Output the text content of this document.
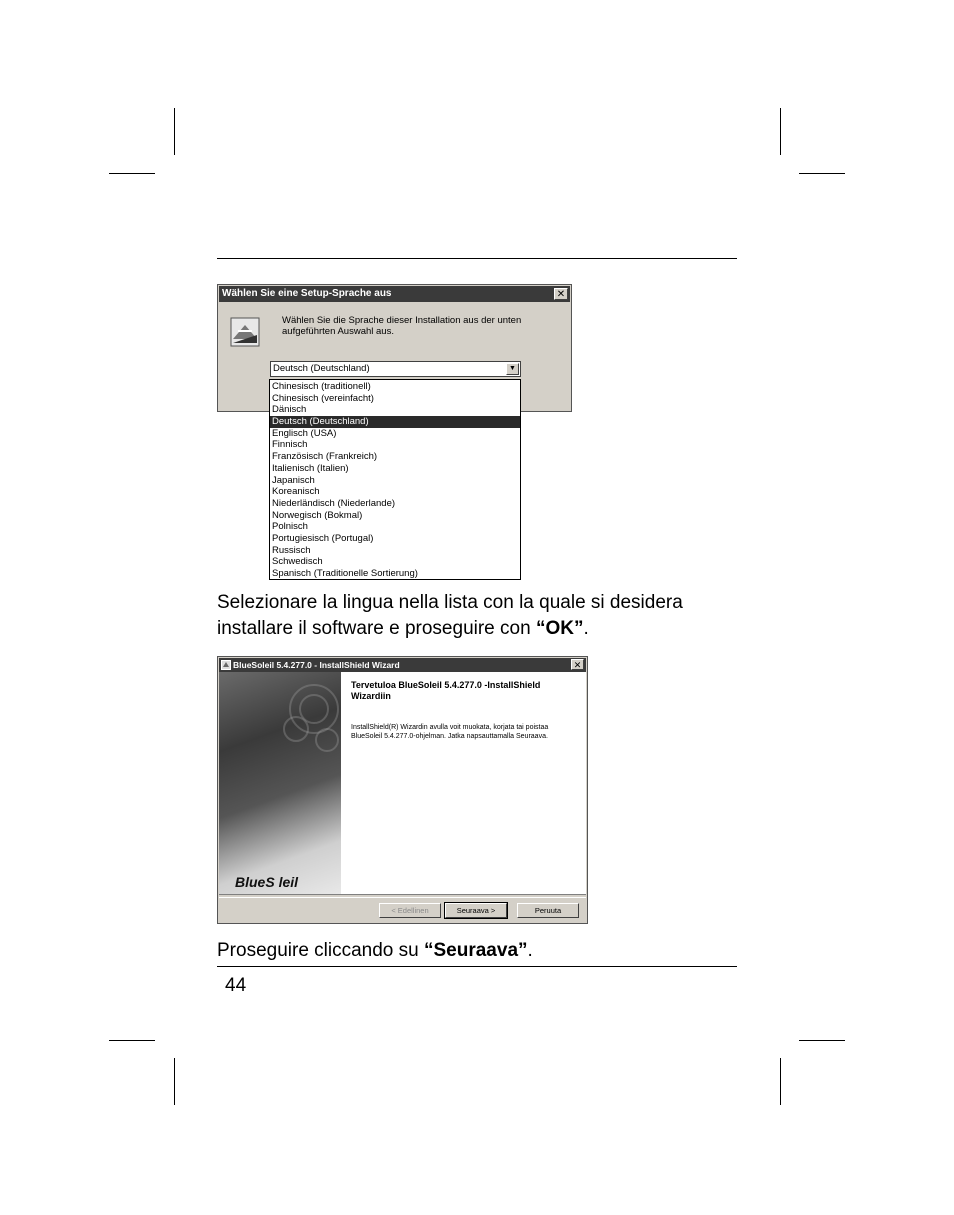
Wählen Sie eine Setup-Sprache aus	✕
Wählen Sie die Sprache dieser Installation aus der unten aufgeführten Auswahl aus.
Deutsch (Deutschland)	▼
Chinesisch (traditionell)
Chinesisch (vereinfacht)
Dänisch
Deutsch (Deutschland)
Englisch (USA)
Finnisch
Französisch (Frankreich)
Italienisch (Italien)
Japanisch
Koreanisch
Niederländisch (Niederlande)
Norwegisch (Bokmal)
Polnisch
Portugiesisch (Portugal)
Russisch
Schwedisch
Spanisch (Traditionelle Sortierung)
Selezionare la lingua nella lista con la quale si desidera installare il software e proseguire con “OK”.
BlueSoleil 5.4.277.0 - InstallShield Wizard	✕
BlueS leil
Tervetuloa BlueSoleil 5.4.277.0 -InstallShield Wizardiin
InstallShield(R) Wizardin avulla voit muokata, korjata tai poistaa BlueSoleil 5.4.277.0-ohjelman. Jatka napsauttamalla Seuraava.
< Edellinen	Seuraava >	Peruuta
Proseguire cliccando su “Seuraava”.
44
